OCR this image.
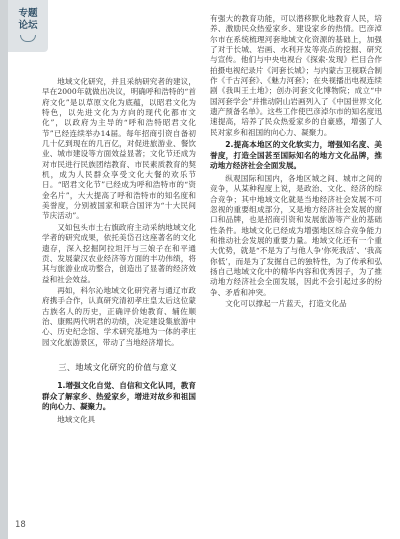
专题
论坛

地域文化研究，并且采纳研究者的建议，早在2000年就做出决议，明确呼和浩特的“首府文化”是以草原文化为底蕴，以昭君文化为特色，以先进文化为方向的现代化都市文化”，以政府为主导的“呼和浩特昭君文化节”已经连续举办14届。每年招商引资自备初几十亿到现在的几百亿，对促进旅游业、餐饮业、城市建设等方面效益显著；文化节还成为对市民进行民族团结教育、市民素质教育的契机，成为人民群众享受文化大餐的欢乐节日。“昭君文化节”已经成为呼和浩特市的“资金名片”，大大提高了呼和浩特市的知名度和美誉度，分别被国家和联合国评为“十大民间节庆活动”。

又如包头市土右旗政府主动采纳地域文化学者的研究成果，依托美岱召这座著名的文化遗存，深入挖掘阿拉坦汗与三娘子在和平通贡、发展蒙汉农业经济等方面的丰功伟绩，将其与旅游业成功整合，创造出了显著的经济效益和社会效益。

再如，科尔沁地域文化研究者与通辽市政府携手合作，认真研究清初孝庄皇太后这位蒙古族名人的历史，正确评价她教育、辅佐顺治、康熙两代明君的功绩，决定建设集旅游中心、历史纪念馆、学术研究基地为一体的孝庄园文化旅游景区，带动了当地经济增长。

三、地域文化研究的价值与意义

1.增强文化自觉、自信和文化认同，教育群众了解家乡、热爱家乡，增进对故乡和祖国的向心力、凝聚力。

地域文化具

有强大的教育功能，可以潜移默化地教育人民，培养、激励民众热爱家乡、建设家乡的热情。巴彦淖尔市在系统梳理河套地域文化资源的基础上，加强了对于长城、岩画、水利开发等亮点的挖掘、研究与宣传。他们与中央电视台《探索·发现》栏目合作拍摄电视纪录片《河套长城》；与内蒙古卫视联合制作《千古河套》、《魅力河套》；在央视播出电视连续剧《我叫王土地》；创办河套文化博物院；成立“中国河套学会”并推动阴山岩画列入了《中国世界文化遗产预备名单》。这些工作使巴彦淖尔市的知名度迅速提高，培养了民众热爱家乡的自豪感，增强了人民对家乡和祖国的向心力、凝聚力。

2.提高本地区的文化软实力，增强知名度、美誉度，打造全国甚至国际知名的地方文化品牌，推动地方经济社会全面发展。

纵观国际和国内，各地区城之间、城市之间的竞争，从某种程度上说，是政治、文化、经济的综合竞争；其中地域文化就是当地经济社会发展不可忽视的重要组成部分，又是地方经济社会发展的窗口和品牌，也是招商引资和发展旅游等产业的基础性条件。地域文化已经成为增强地区综合竞争能力和推动社会发展的重要力量。地域文化还有一个重大优势，就是“不是为了与他人争‘你死我活’、‘我高你低’，而是为了发掘自己的独特性，为了传承和弘扬自己地域文化中的精华内容和优秀因子，为了推动地方经济社会全面发展，因此不会引起过多的纷争、矛盾和冲突。

文化可以撑起一片蓝天，打造文化品

18
